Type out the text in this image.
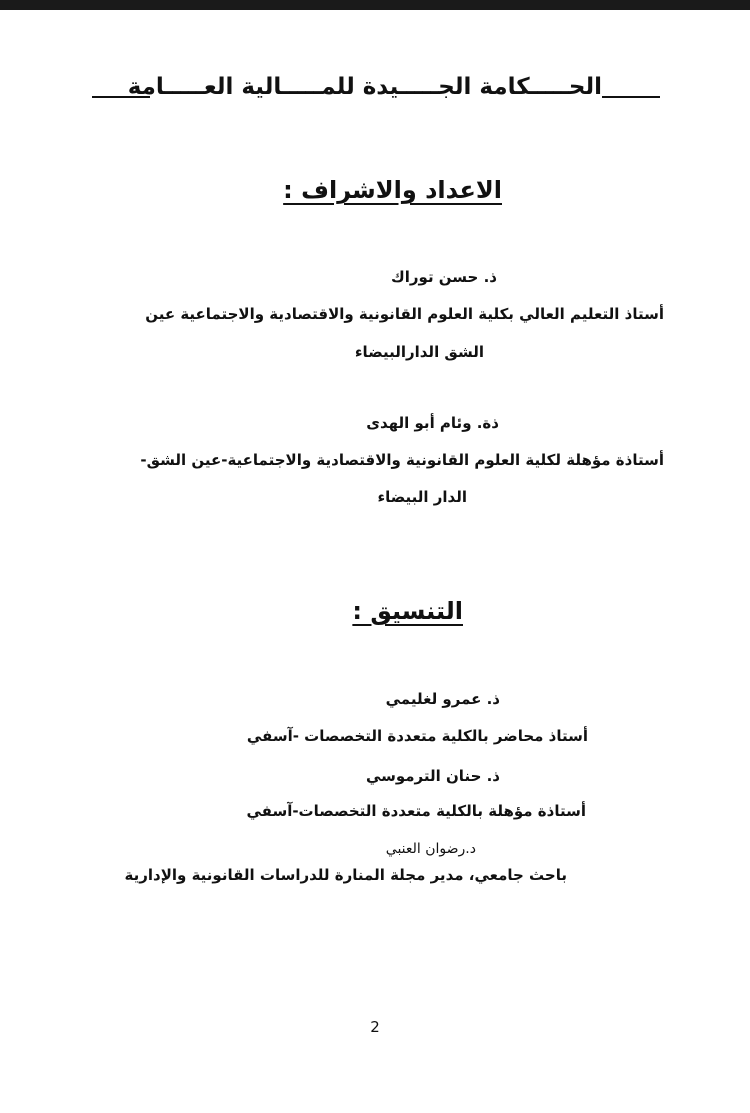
الحـــــكامة الجـــــيدة للمـــــالية العـــــامة
الاعداد والاشراف :
ذ. حسن توراك
أستاذ التعليم العالي بكلية العلوم القانونية والاقتصادية والاجتماعية عين
الشق الدارالبيضاء
ذة. وئام أبو الهدى
أستاذة مؤهلة لكلية العلوم القانونية والاقتصادية والاجتماعية-عين الشق-
الدار البيضاء
التنسيق :
ذ. عمرو لغليمي
أستاذ محاضر بالكلية متعددة التخصصات -آسفي
ذ. حنان الترموسي
أستاذة مؤهلة بالكلية متعددة التخصصات-آسفي
د.رضوان العنبي
باحث جامعي، مدير مجلة المنارة للدراسات القانونية والإدارية
2
